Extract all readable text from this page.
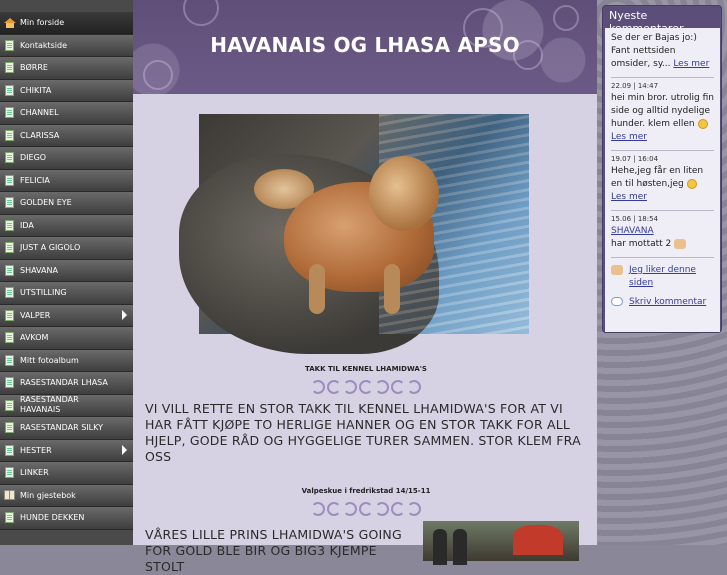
Min forside
Kontaktside
BØRRE
CHIKITA
CHANNEL
CLARISSA
DIEGO
FELICIA
GOLDEN EYE
IDA
JUST A GIGOLO
SHAVANA
UTSTILLING
VALPER
AVKOM
Mitt fotoalbum
RASESTANDAR LHASA
RASESTANDAR HAVANAIS
RASESTANDAR SILKY
HESTER
LINKER
Min gjestebok
HUNDE DEKKEN
HAVANAIS OG LHASA APSO
TAKK TIL KENNEL LHAMIDWA'S

VI VILL RETTE EN STOR TAKK TIL KENNEL LHAMIDWA'S FOR AT VI HAR FÅTT KJØPE TO HERLIGE HANNER OG EN STOR TAKK FOR ALL HJELP, GODE RÅD OG HYGGELIGE TURER SAMMEN. STOR KLEM FRA OSS

Valpeskue i fredrikstad 14/15-11

VÅRES LILLE PRINS LHAMIDWA'S GOING FOR GOLD BLE BIR OG BIG3 KJEMPE STOLT

Nyeste
Se der er Bajas jo:) Fant nettsiden omsider, sy... Les mer
22.09 | 14:47
hei min bror. utrolig fin side og alltid nydelige hunder. klem ellen Les mer
19.07 | 16:04
Hehe,jeg får en liten en til høsten,jeg Les mer
15.06 | 18:54
SHAVANA
har mottatt 2
Jeg liker denne siden
Skriv kommentar
